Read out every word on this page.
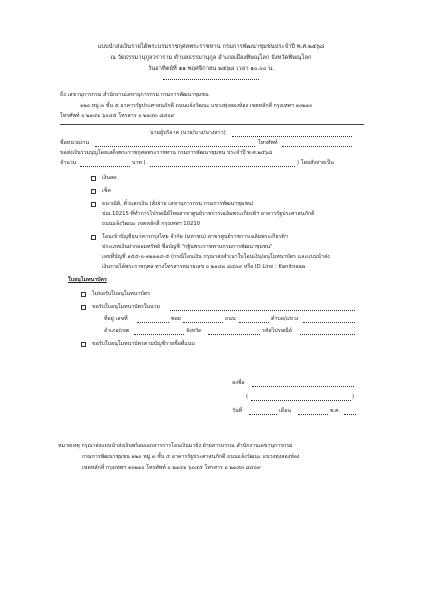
แบบนำส่งเงินรายได้พระบรมราชกุศลพระราชทาน กรมการพัฒนาชุมชนประจำปี พ.ศ.๒๕๖๘
ณ วัดธรรมานุกูลวราราม ตำบลธรรมานุกูล อำเภอเมืองพิษณุโลก จังหวัดพิษณุโลก
วันอาทิตย์ที่ ๑๑ พฤศจิกายน ๒๕๖๘ เวลา ๑๐.๐๐ น.
ถึง เลขานุการกรม สำนักงานเลขานุการกรม กรมการพัฒนาชุมชน
๑๒๐ หมู่ ๓ ชั้น ๕ อาคารรัฐประศาสนภักดี ถนนแจ้งวัฒนะ แขวงทุ่งสองห้อง เขตหลักสี่ กรุงเทพฯ ๑๐๒๑๐
โทรศัพท์ ๐ ๒๑๔๑ ๖๐๔๕ โทรสาร ๐ ๒๑๔๓ ๘๔๐๙
นามผู้บริจาค (นาย/นาง/นางสาว)
ชื่อหน่วยงาน	โทรศัพท์
ขอส่งเงินร่วมบุญโดยเสด็จพระราชกุศลพระราชทาน กรมการพัฒนาชุมชน ประจำปี พ.ศ.๒๕๖๘
จำนวน	บาท (	) โดยสั่งจ่ายเป็น
เงินสด
เช็ค
ธนาณัติ, ตั๋วแลกเงิน (สั่งจ่าย เลขานุการกรม กรมการพัฒนาชุมชน)
ปณ.10215 ที่ทำการไปรษณีย์ไทยสาขาศูนย์ราชการเฉลิมพระเกียรติฯ อาคารรัฐประศาสนภักดี
ถนนแจ้งวัฒนะ เขตหลักสี่ กรุงเทพฯ 10210
โอนเข้าบัญชีธนาคารกรุงไทย จำกัด (มหาชน) สาขาศูนย์ราชการเฉลิมพระเกียรติฯ
ประเภทเงินฝากออมทรัพย์ ชื่อบัญชี "กฐินพระราชทานกรมการพัฒนาชุมชน"
เลขที่บัญชี ๑๕๕-๐-๑๒๑๑๔-๕ (กรณีโอนเงิน กรุณาส่งสำเนาใบโอนเงิน/อนุโมทนาบัตร และแบบนำส่ง
เงินรายได้พระราชกุศล ทางโทรสารหมายเลข ๐ ๒๑๔๓ ๘๔๐๙ หรือ ID Line : Kanitnaaa
ใบอนุโมทนาบัตร
ไม่ขอรับใบอนุโมทนาบัตร
ขอรับใบอนุโมทนาบัตรในนาม
ที่อยู่ เลขที่	ซอย	ถนน	ตำบล/แขวง
อำเภอ/เขต	จังหวัด	รหัสไปรษณีย์
ขอรับใบอนุโมทนาบัตรตามบัญชีรายชื่อที่แนบ
ลงชื่อ
(	)
วันที่	เดือน	พ.ศ.
หมายเหตุ กรุณาส่งแบบนำส่งเงินพร้อมเอกสารการโอนเงินมายัง ฝ่ายสารบรรณ สำนักงานเลขานุการกรม
กรมการพัฒนาชุมชน ๑๒๐ หมู่ ๓ ชั้น ๕ อาคารรัฐประศาสนภักดี ถนนแจ้งวัฒนะ แขวงทุ่งสองห้อง
เขตหลักสี่ กรุงเทพฯ ๑๐๒๑๐ โทรศัพท์ ๐ ๒๑๔๑ ๖๐๔๕ โทรสาร ๐ ๒๑๔๓ ๘๔๐๙
